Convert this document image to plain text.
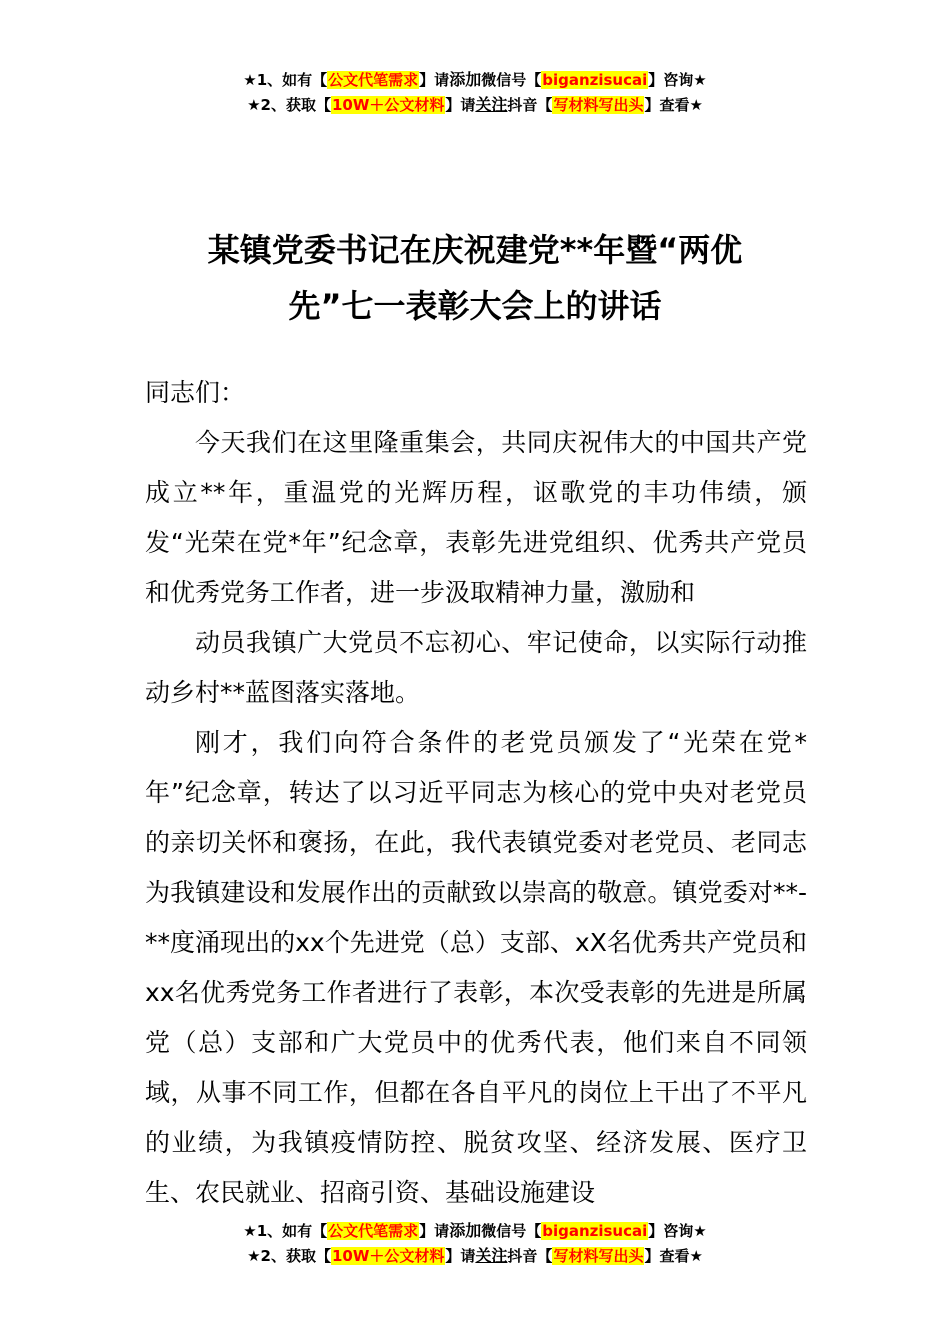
★1、如有【公文代笔需求】请添加微信号【biganzisucai】咨询★
★2、获取【10W＋公文材料】请关注抖音【写材料写出头】查看★
某镇党委书记在庆祝建党**年暨“两优
先”七一表彰大会上的讲话

同志们：

今天我们在这里隆重集会，共同庆祝伟大的中国共产党成立**年，重温党的光辉历程，讴歌党的丰功伟绩，颁发“光荣在党*年”纪念章，表彰先进党组织、优秀共产党员和优秀党务工作者，进一步汲取精神力量，激励和

动员我镇广大党员不忘初心、牢记使命，以实际行动推动乡村**蓝图落实落地。

刚才，我们向符合条件的老党员颁发了“光荣在党*年”纪念章，转达了以习近平同志为核心的党中央对老党员的亲切关怀和褒扬，在此，我代表镇党委对老党员、老同志为我镇建设和发展作出的贡献致以崇高的敬意。镇党委对**-**度涌现出的xx个先进党（总）支部、xX名优秀共产党员和xx名优秀党务工作者进行了表彰，本次受表彰的先进是所属党（总）支部和广大党员中的优秀代表，他们来自不同领域，从事不同工作，但都在各自平凡的岗位上干出了不平凡的业绩，为我镇疫情防控、脱贫攻坚、经济发展、医疗卫生、农民就业、招商引资、基础设施建设

★1、如有【公文代笔需求】请添加微信号【biganzisucai】咨询★
★2、获取【10W＋公文材料】请关注抖音【写材料写出头】查看★
